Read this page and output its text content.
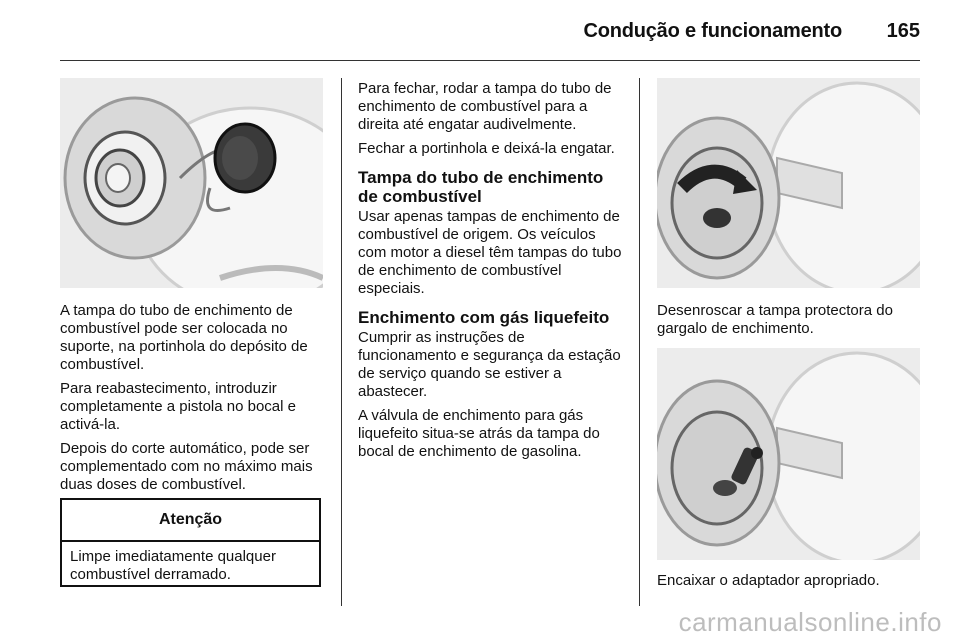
Condução e funcionamento 165

A tampa do tubo de enchimento de combustível pode ser colocada no suporte, na portinhola do depósito de combustível.

Para reabastecimento, introduzir completamente a pistola no bocal e activá-la.

Depois do corte automático, pode ser complementado com no máximo mais duas doses de combustível.

Atenção
Limpe imediatamente qualquer combustível derramado.

Para fechar, rodar a tampa do tubo de enchimento de combustível para a direita até engatar audivelmente.

Fechar a portinhola e deixá-la engatar.

Tampa do tubo de enchimento de combustível

Usar apenas tampas de enchimento de combustível de origem. Os veículos com motor a diesel têm tampas do tubo de enchimento de combustível especiais.

Enchimento com gás liquefeito

Cumprir as instruções de funcionamento e segurança da estação de serviço quando se estiver a abastecer.

A válvula de enchimento para gás liquefeito situa-se atrás da tampa do bocal de enchimento de gasolina.

Desenroscar a tampa protectora do gargalo de enchimento.

Encaixar o adaptador apropriado.

carmanualsonline.info
